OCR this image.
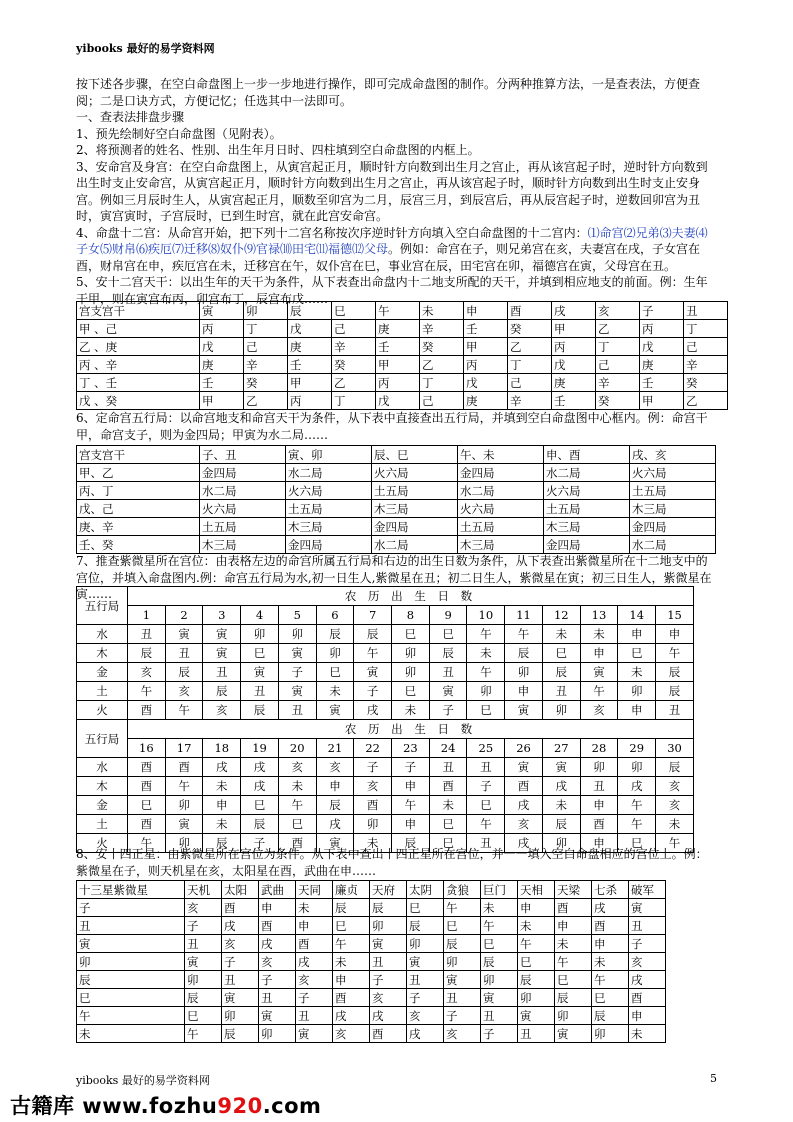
yibooks 最好的易学资料网

按下述各步骤，在空白命盘图上一步一步地进行操作，即可完成命盘图的制作。分两种推算方法，一是查表法，方便查阅；二是口诀方式，方便记忆；任选其中一法即可。

一、查表法排盘步骤

1、预先绘制好空白命盘图（见附表）。

2、将预测者的姓名、性别、出生年月日时、四柱填到空白命盘图的内框上。

3、安命宫及身宫：在空白命盘图上，从寅宫起正月，顺时针方向数到出生月之宫止，再从该宫起子时，逆时针方向数到出生时支止安命宫，从寅宫起正月，顺时针方向数到出生月之宫止，再从该宫起子时，顺时针方向数到出生时支止安身宫。例如三月辰时生人，从寅宫起正月，顺数至卯宫为二月，辰宫三月，到辰宫后，再从辰宫起子时，逆数回卯宫为丑时，寅宫寅时，子宫辰时，已到生时宫，就在此宫安命宫。

4、命盘十二宫：从命宫开始，把下列十二宫名称按次序逆时针方向填入空白命盘图的十二宫内：⑴命宫⑵兄弟⑶夫妻⑷子女⑸财帛⑹疾厄⑺迁移⑻奴仆⑼官禄⑽田宅⑾福德⑿父母。例如：命宫在子，则兄弟宫在亥，夫妻宫在戌，子女宫在酉，财帛宫在申，疾厄宫在未，迁移宫在午，奴仆宫在巳，事业宫在辰，田宅宫在卯，福德宫在寅，父母宫在丑。

5、安十二宫天干：以出生年的天干为条件，从下表查出命盘内十二地支所配的天干，并填到相应地支的前面。例：生年干甲，则在寅宫布丙，卯宫布丁，辰宫布戊……

宫支宫干	寅	卯	辰	巳	午	未	申	酉	戌	亥	子	丑
甲 、己	丙	丁	戊	己	庚	辛	壬	癸	甲	乙	丙	丁
乙 、庚	戊	己	庚	辛	壬	癸	甲	乙	丙	丁	戊	己
丙 、辛	庚	辛	壬	癸	甲	乙	丙	丁	戊	己	庚	辛
丁 、壬	壬	癸	甲	乙	丙	丁	戊	己	庚	辛	壬	癸
戊 、癸	甲	乙	丙	丁	戊	己	庚	辛	壬	癸	甲	乙

6、定命宫五行局：以命宫地支和命宫天干为条件，从下表中直接查出五行局，并填到空白命盘图中心框内。例：命宫干甲，命宫支子，则为金四局；甲寅为水二局……

宫支宫干	子、丑	寅、卯	辰、巳	午、未	申、酉	戌、亥
甲、乙	金四局	水二局	火六局	金四局	水二局	火六局
丙、丁	水二局	火六局	土五局	水二局	火六局	土五局
戊、己	火六局	土五局	木三局	火六局	土五局	木三局
庚、辛	土五局	木三局	金四局	土五局	木三局	金四局
壬、癸	木三局	金四局	水二局	木三局	金四局	水二局

7、推查紫微星所在宫位：由表格左边的命宫所属五行局和右边的出生日数为条件，从下表查出紫微星所在十二地支中的宫位，并填入命盘图内.例：命宫五行局为水,初一日生人,紫微星在丑；初二日生人，紫微星在寅；初三日生人，紫微星在寅……

五行局	农 历 出 生 日 数														
	1	2	3	4	5	6	7	8	9	10	11	12	13	14	15
水	丑	寅	寅	卯	卯	辰	辰	巳	巳	午	午	未	未	申	申
木	辰	丑	寅	巳	寅	卯	午	卯	辰	未	辰	巳	申	巳	午
金	亥	辰	丑	寅	子	巳	寅	卯	丑	午	卯	辰	寅	未	辰
土	午	亥	辰	丑	寅	未	子	巳	寅	卯	申	丑	午	卯	辰
火	酉	午	亥	辰	丑	寅	戌	未	子	巳	寅	卯	亥	申	丑
五行局	农 历 出 生 日 数														
	16	17	18	19	20	21	22	23	24	25	26	27	28	29	30
水	酉	酉	戌	戌	亥	亥	子	子	丑	丑	寅	寅	卯	卯	辰
木	酉	午	未	戌	未	申	亥	申	酉	子	酉	戌	丑	戌	亥
金	巳	卯	申	巳	午	辰	酉	午	未	巳	戌	未	申	午	亥
土	酉	寅	未	辰	巳	戌	卯	申	巳	午	亥	辰	酉	午	未
火	午	卯	辰	子	酉	寅	未	辰	巳	丑	戌	卯	申	巳	午

8、安十四正星：由紫微星所在宫位为条件。从下表中查出十四正星所在宫位，并一一填入空白命盘相应的宫位上。例：紫微星在子，则天机星在亥，太阳星在酉，武曲在申……

十三星紫微星	天机	太阳	武曲	天同	廉贞	天府	太阴	贪狼	巨门	天相	天梁	七杀	破军
子	亥	酉	申	未	辰	辰	巳	午	未	申	酉	戌	寅
丑	子	戌	酉	申	巳	卯	辰	巳	午	未	申	酉	丑
寅	丑	亥	戌	酉	午	寅	卯	辰	巳	午	未	申	子
卯	寅	子	亥	戌	未	丑	寅	卯	辰	巳	午	未	亥
辰	卯	丑	子	亥	申	子	丑	寅	卯	辰	巳	午	戌
巳	辰	寅	丑	子	酉	亥	子	丑	寅	卯	辰	巳	酉
午	巳	卯	寅	丑	戌	戌	亥	子	丑	寅	卯	辰	申
未	午	辰	卯	寅	亥	酉	戌	亥	子	丑	寅	卯	未
yibooks 最好的易学资料网	5
古籍库 www.fozhu920.com
